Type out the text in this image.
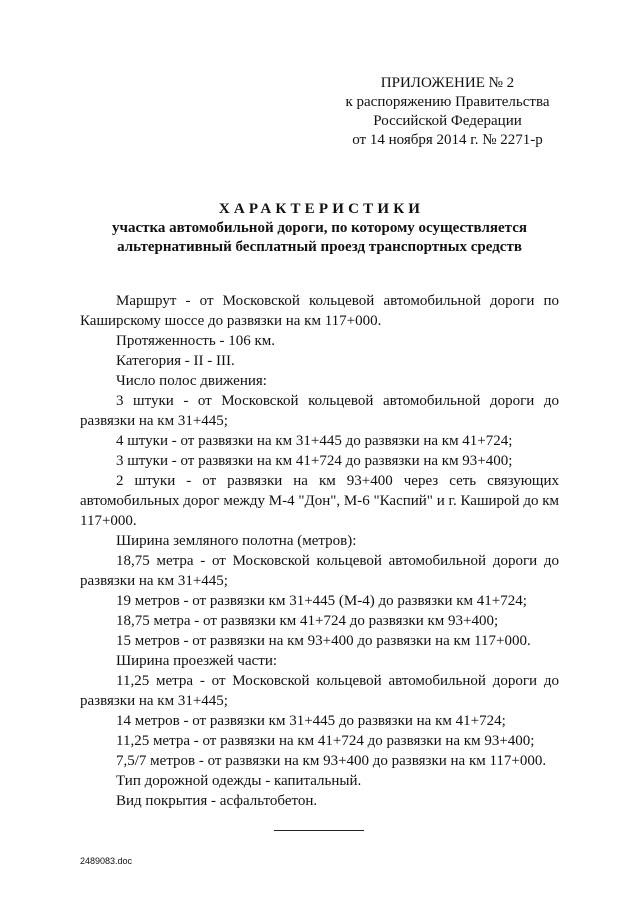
ПРИЛОЖЕНИЕ № 2
к распоряжению Правительства
Российской Федерации
от 14 ноября 2014 г. № 2271-р
ХАРАКТЕРИСТИКИ
участка автомобильной дороги, по которому осуществляется
альтернативный бесплатный проезд транспортных средств

Маршрут - от Московской кольцевой автомобильной дороги по Каширскому шоссе до развязки на км 117+000.

Протяженность - 106 км.

Категория - II - III.

Число полос движения:

3 штуки - от Московской кольцевой автомобильной дороги до развязки на км 31+445;

4 штуки - от развязки на км 31+445 до развязки на км 41+724;

3 штуки - от развязки на км 41+724 до развязки на км 93+400;

2 штуки - от развязки на км 93+400 через сеть связующих автомобильных дорог между М-4 "Дон", М-6 "Каспий" и г. Каширой до км 117+000.

Ширина земляного полотна (метров):

18,75 метра - от Московской кольцевой автомобильной дороги до развязки на км 31+445;

19 метров - от развязки км 31+445 (М-4) до развязки км 41+724;

18,75 метра - от развязки км 41+724 до развязки км 93+400;

15 метров - от развязки на км 93+400 до развязки на км 117+000.

Ширина проезжей части:

11,25 метра - от Московской кольцевой автомобильной дороги до развязки на км 31+445;

14 метров - от развязки км 31+445 до развязки на км 41+724;

11,25 метра - от развязки на км 41+724 до развязки на км 93+400;

7,5/7 метров - от развязки на км 93+400 до развязки на км 117+000.

Тип дорожной одежды - капитальный.

Вид покрытия - асфальтобетон.

2489083.doc
